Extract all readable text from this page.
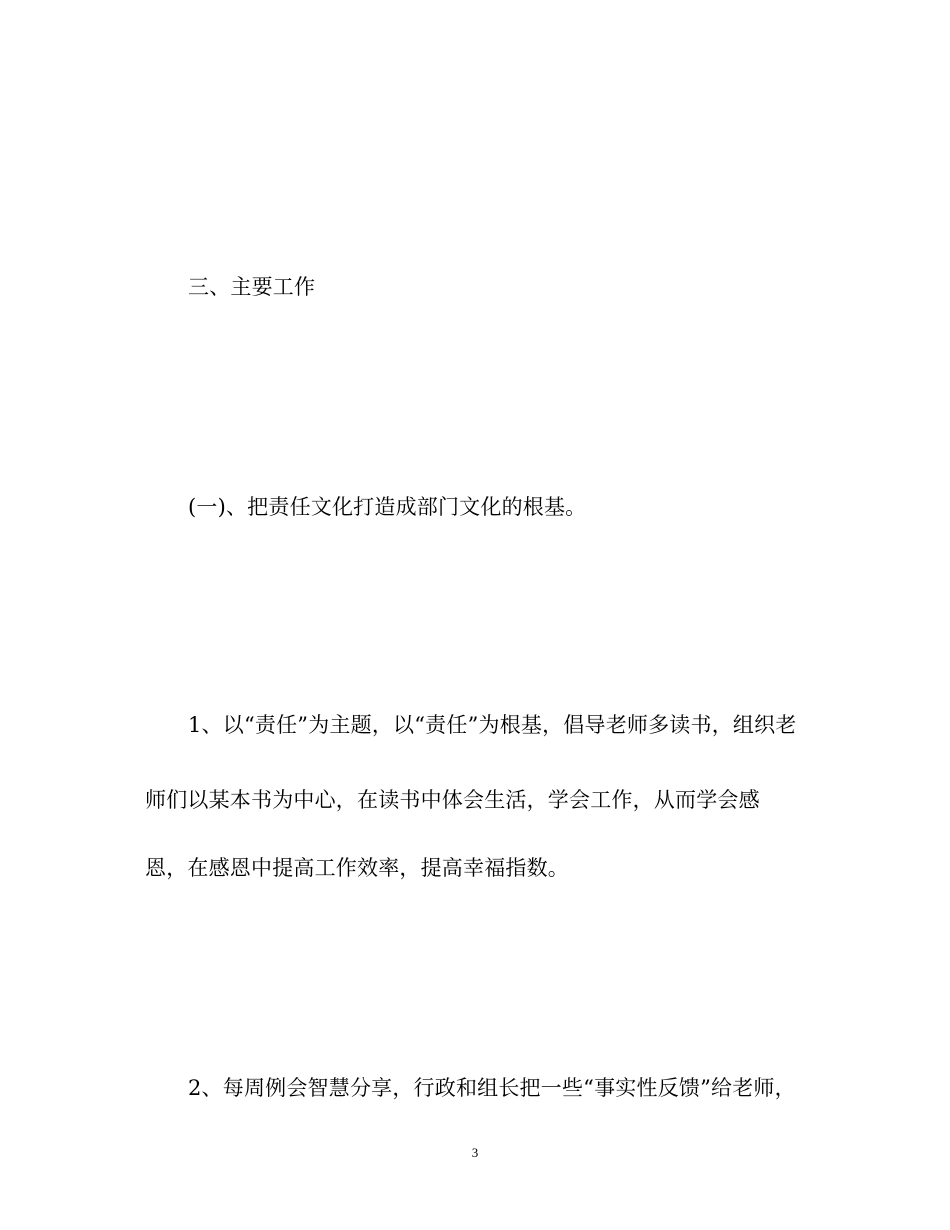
三、主要工作
(一)、把责任文化打造成部门文化的根基。
1、以“责任”为主题，以“责任”为根基，倡导老师多读书，组织老
师们以某本书为中心，在读书中体会生活，学会工作，从而学会感
恩，在感恩中提高工作效率，提高幸福指数。
2、每周例会智慧分享，行政和组长把一些“事实性反馈”给老师，
3
